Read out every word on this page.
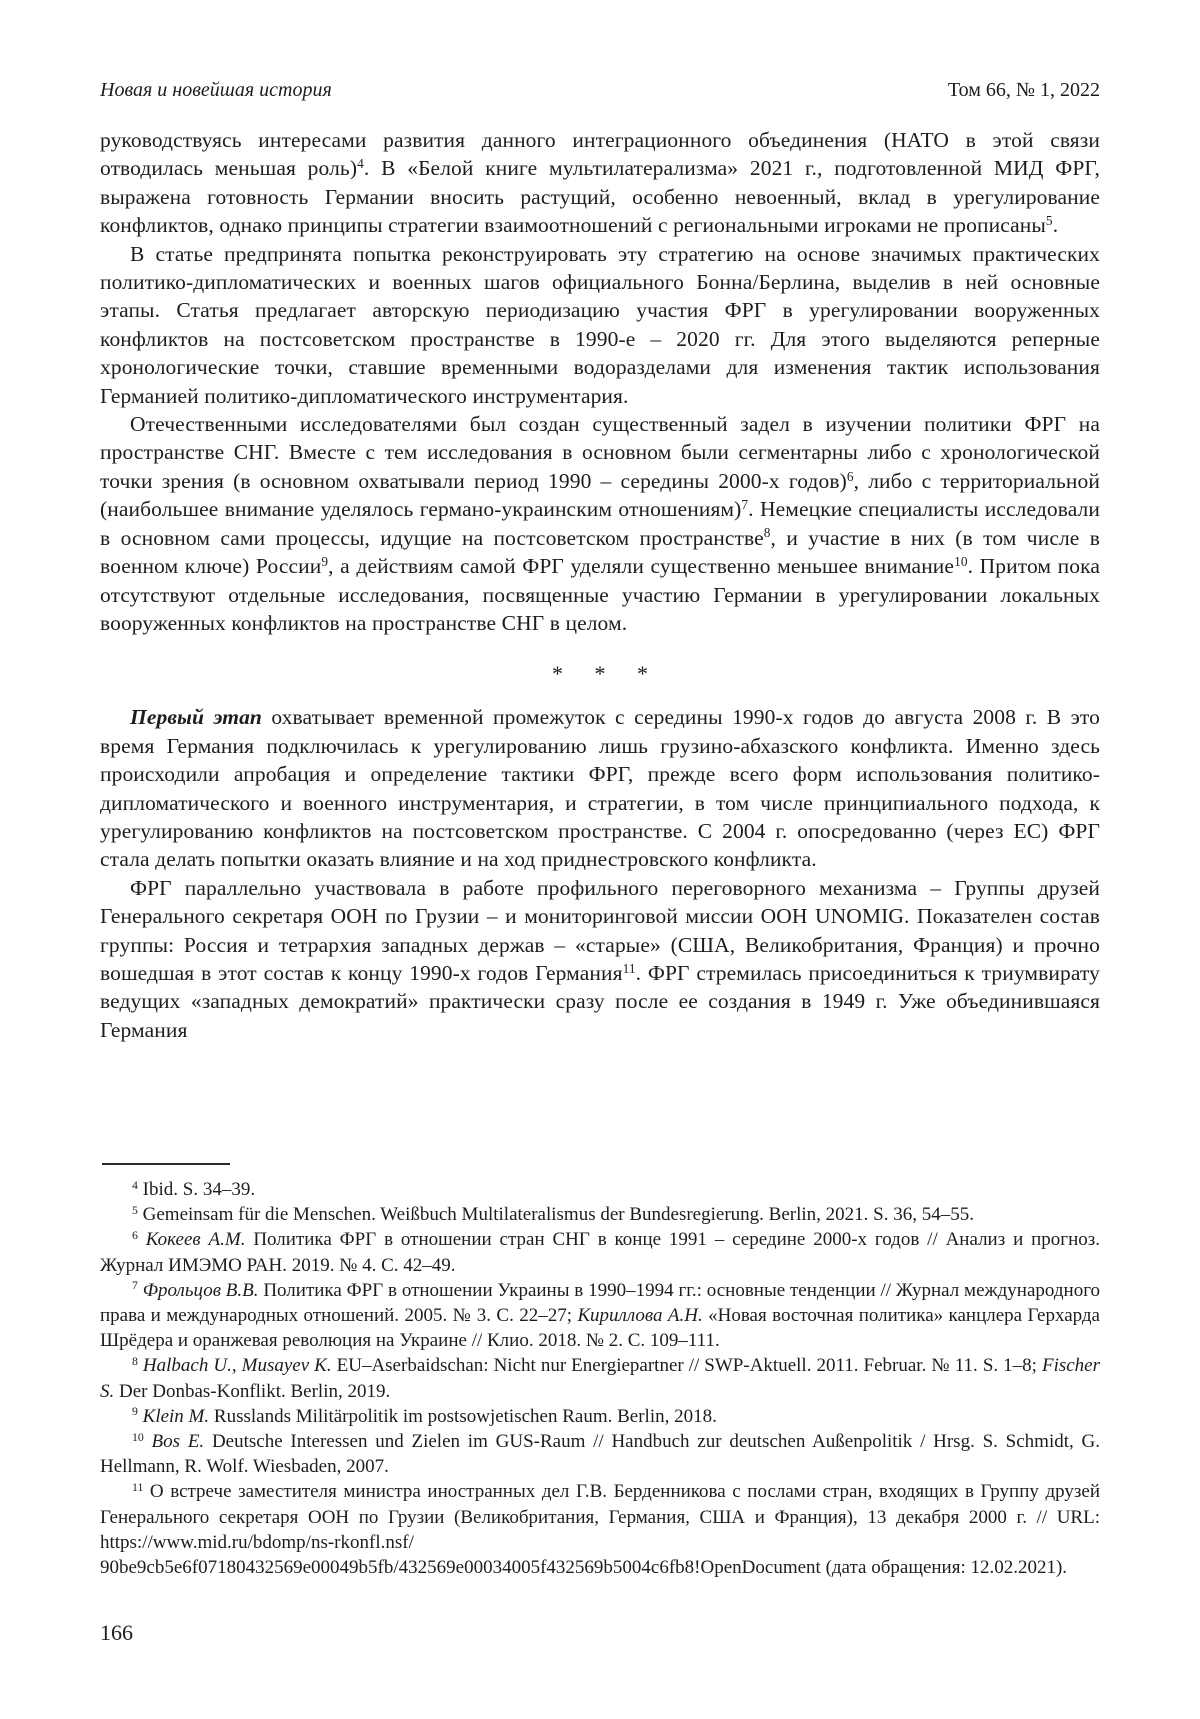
Новая и новейшая история	Том 66, № 1, 2022

руководствуясь интересами развития данного интеграционного объединения (НАТО в этой связи отводилась меньшая роль)$^4$. В «Белой книге мультилатерализма» 2021 г., подготовленной МИД ФРГ, выражена готовность Германии вносить растущий, особенно невоенный, вклад в урегулирование конфликтов, однако принципы стратегии взаимоотношений с региональными игроками не прописаны$^5$.

В статье предпринята попытка реконструировать эту стратегию на основе значимых практических политико-дипломатических и военных шагов официального Бонна/Берлина, выделив в ней основные этапы. Статья предлагает авторскую периодизацию участия ФРГ в урегулировании вооруженных конфликтов на постсоветском пространстве в 1990-е – 2020 гг. Для этого выделяются реперные хронологические точки, ставшие временными водоразделами для изменения тактик использования Германией политико-дипломатического инструментария.

Отечественными исследователями был создан существенный задел в изучении политики ФРГ на пространстве СНГ. Вместе с тем исследования в основном были сегментарны либо с хронологической точки зрения (в основном охватывали период 1990 – середины 2000-х годов)$^6$, либо с территориальной (наибольшее внимание уделялось германо-украинским отношениям)$^7$. Немецкие специалисты исследовали в основном сами процессы, идущие на постсоветском пространстве$^8$, и участие в них (в том числе в военном ключе) России$^9$, а действиям самой ФРГ уделяли существенно меньшее внимание$^{10}$. Притом пока отсутствуют отдельные исследования, посвященные участию Германии в урегулировании локальных вооруженных конфликтов на пространстве СНГ в целом.

* * *

Первый этап охватывает временной промежуток с середины 1990-х годов до августа 2008 г. В это время Германия подключилась к урегулированию лишь грузино-абхазского конфликта. Именно здесь происходили апробация и определение тактики ФРГ, прежде всего форм использования политико-дипломатического и военного инструментария, и стратегии, в том числе принципиального подхода, к урегулированию конфликтов на постсоветском пространстве. С 2004 г. опосредованно (через ЕС) ФРГ стала делать попытки оказать влияние и на ход приднестровского конфликта.

ФРГ параллельно участвовала в работе профильного переговорного механизма – Группы друзей Генерального секретаря ООН по Грузии – и мониторинговой миссии ООН UNOMIG. Показателен состав группы: Россия и тетрархия западных держав – «старые» (США, Великобритания, Франция) и прочно вошедшая в этот состав к концу 1990-х годов Германия$^{11}$. ФРГ стремилась присоединиться к триумвирату ведущих «западных демократий» практически сразу после ее создания в 1949 г. Уже объединившаяся Германия

$^4$ Ibid. S. 34–39.

$^5$ Gemeinsam für die Menschen. Weißbuch Multilateralismus der Bundesregierung. Berlin, 2021. S. 36, 54–55.

$^6$ Кокеев А.М. Политика ФРГ в отношении стран СНГ в конце 1991 – середине 2000-х годов // Анализ и прогноз. Журнал ИМЭМО РАН. 2019. № 4. С. 42–49.

$^7$ Фрольцов В.В. Политика ФРГ в отношении Украины в 1990–1994 гг.: основные тенденции // Журнал международного права и международных отношений. 2005. № 3. С. 22–27; Кириллова А.Н. «Новая восточная политика» канцлера Герхарда Шрёдера и оранжевая революция на Украине // Клио. 2018. № 2. С. 109–111.

$^8$ Halbach U., Musayev K. EU–Aserbaidschan: Nicht nur Energiepartner // SWP-Aktuell. 2011. Februar. № 11. S. 1–8; Fischer S. Der Donbas-Konflikt. Berlin, 2019.

$^9$ Klein M. Russlands Militärpolitik im postsowjetischen Raum. Berlin, 2018.

$^{10}$ Bos E. Deutsche Interessen und Zielen im GUS-Raum // Handbuch zur deutschen Außenpolitik / Hrsg. S. Schmidt, G. Hellmann, R. Wolf. Wiesbaden, 2007.

$^{11}$ О встрече заместителя министра иностранных дел Г.В. Берденникова с послами стран, входящих в Группу друзей Генерального секретаря ООН по Грузии (Великобритания, Германия, США и Франция), 13 декабря 2000 г. // URL: https://www.mid.ru/bdomp/ns-rkonfl.nsf/ 90be9cb5e6f07180432569e00049b5fb/432569e00034005f432569b5004c6fb8!OpenDocument (дата обращения: 12.02.2021).

166
